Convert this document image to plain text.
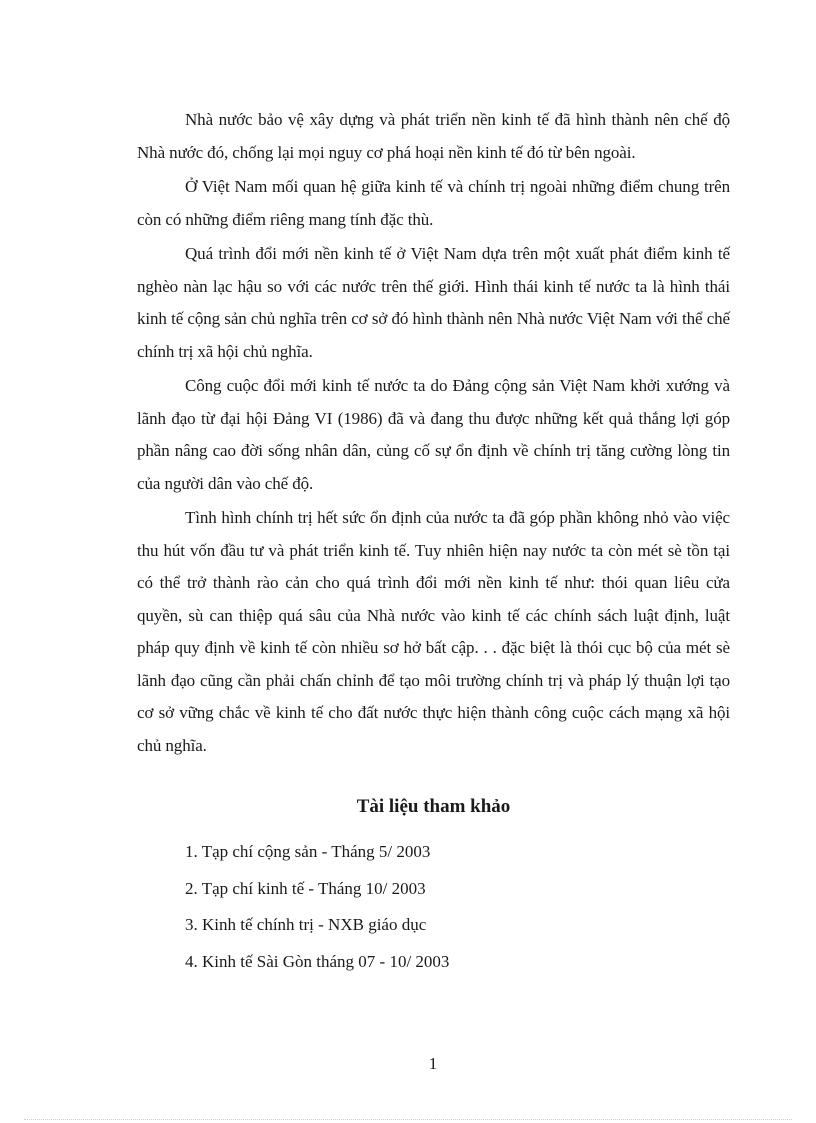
Nhà nước bảo vệ xây dựng và phát triển nền kinh tế đã hình thành nên chế độ Nhà nước đó, chống lại mọi nguy cơ phá hoại nền kinh tế đó từ bên ngoài.

Ở Việt Nam mối quan hệ giữa kinh tế và chính trị ngoài những điểm chung trên còn có những điểm riêng mang tính đặc thù.

Quá trình đổi mới nền kinh tế ở Việt Nam dựa trên một xuất phát điểm kinh tế nghèo nàn lạc hậu so với các nước trên thế giới. Hình thái kinh tế nước ta là hình thái kinh tế cộng sản chủ nghĩa trên cơ sở đó hình thành nên Nhà nước Việt Nam với thể chế chính trị xã hội chủ nghĩa.

Công cuộc đổi mới kinh tế nước ta do Đảng cộng sản Việt Nam khởi xướng và lãnh đạo từ đại hội Đảng VI (1986) đã và đang thu được những kết quả thắng lợi góp phần nâng cao đời sống nhân dân, củng cố sự ổn định về chính trị tăng cường lòng tin của người dân vào chế độ.

Tình hình chính trị hết sức ổn định của nước ta đã góp phần không nhỏ vào việc thu hút vốn đầu tư và phát triển kinh tế. Tuy nhiên hiện nay nước ta còn mét sè tồn tại có thể trở thành rào cản cho quá trình đổi mới nền kinh tế như: thói quan liêu cửa quyền, sù can thiệp quá sâu của Nhà nước vào kinh tế các chính sách luật định, luật pháp quy định về kinh tế còn nhiều sơ hở bất cập. . . đặc biệt là thói cục bộ của mét sè lãnh đạo cũng cần phải chấn chỉnh để tạo môi trường chính trị và pháp lý thuận lợi tạo cơ sở vững chắc về kinh tế cho đất nước thực hiện thành công cuộc cách mạng xã hội chủ nghĩa.

Tài liệu tham khảo
1. Tạp chí cộng sản - Tháng 5/ 2003
2. Tạp chí kinh tế - Tháng 10/ 2003
3. Kinh tế chính trị - NXB giáo dục
4. Kinh tế Sài Gòn tháng 07 - 10/ 2003
1
